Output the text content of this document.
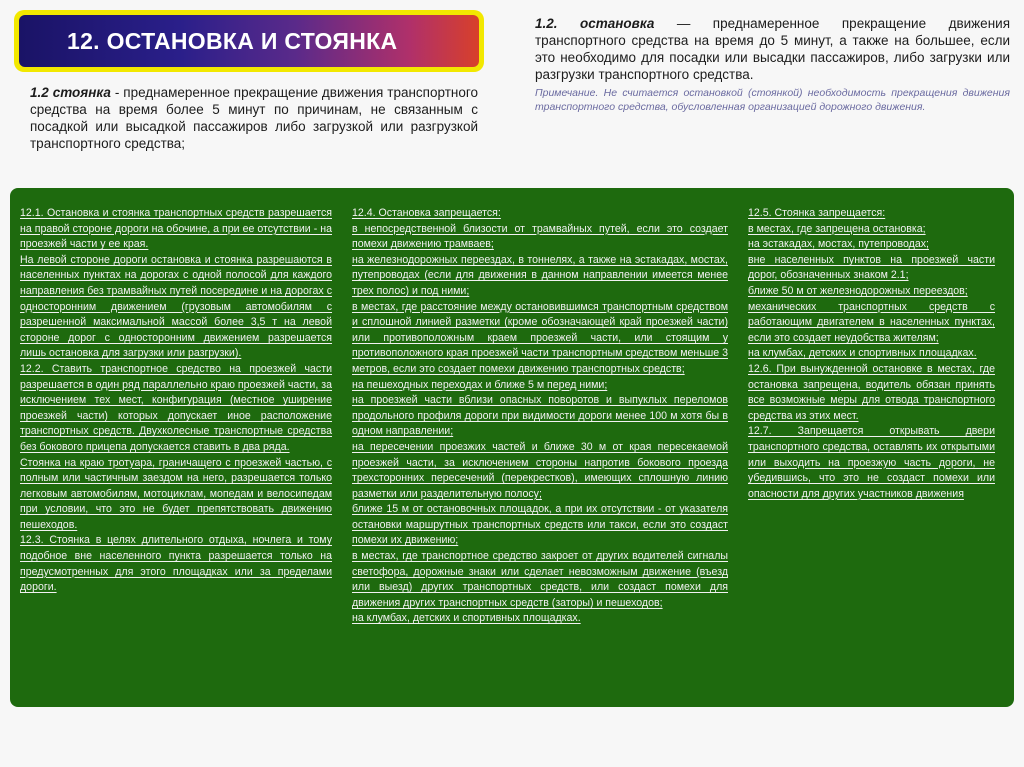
12. ОСТАНОВКА И СТОЯНКА
1.2 стоянка - преднамеренное прекращение движения транспортного средства на время более 5 минут по причинам, не связанным с посадкой или высадкой пассажиров либо загрузкой или разгрузкой транспортного средства;
1.2. остановка — преднамеренное прекращение движения транспортного средства на время до 5 минут, а также на большее, если это необходимо для посадки или высадки пассажиров, либо загрузки или разгрузки транспортного средства.
Примечание. Не считается остановкой (стоянкой) необходимость прекращения движения транспортного средства, обусловленная организацией дорожного движения.

12.1. Остановка и стоянка транспортных средств разрешается на правой стороне дороги на обочине, а при ее отсутствии - на проезжей части у ее края.

На левой стороне дороги остановка и стоянка разрешаются в населенных пунктах на дорогах с одной полосой для каждого направления без трамвайных путей посередине и на дорогах с односторонним движением (грузовым автомобилям с разрешенной максимальной массой более 3,5 т на левой стороне дорог с односторонним движением разрешается лишь остановка для загрузки или разгрузки).

12.2. Ставить транспортное средство на проезжей части разрешается в один ряд параллельно краю проезжей части, за исключением тех мест, конфигурация (местное уширение проезжей части) которых допускает иное расположение транспортных средств. Двухколесные транспортные средства без бокового прицепа допускается ставить в два ряда.

Стоянка на краю тротуара, граничащего с проезжей частью, с полным или частичным заездом на него, разрешается только легковым автомобилям, мотоциклам, мопедам и велосипедам при условии, что это не будет препятствовать движению пешеходов.

12.3. Стоянка в целях длительного отдыха, ночлега и тому подобное вне населенного пункта разрешается только на предусмотренных для этого площадках или за пределами дороги.

12.4. Остановка запрещается:

в непосредственной близости от трамвайных путей, если это создает помехи движению трамваев;

на железнодорожных переездах, в тоннелях, а также на эстакадах, мостах, путепроводах (если для движения в данном направлении имеется менее трех полос) и под ними;

в местах, где расстояние между остановившимся транспортным средством и сплошной линией разметки (кроме обозначающей край проезжей части) или противоположным краем проезжей части, или стоящим у противоположного края проезжей части транспортным средством меньше 3 метров, если это создает помехи движению транспортных средств;

на пешеходных переходах и ближе 5 м перед ними;

на проезжей части вблизи опасных поворотов и выпуклых переломов продольного профиля дороги при видимости дороги менее 100 м хотя бы в одном направлении;

на пересечении проезжих частей и ближе 30 м от края пересекаемой проезжей части, за исключением стороны напротив бокового проезда трехсторонних пересечений (перекрестков), имеющих сплошную линию разметки или разделительную полосу;

ближе 15 м от остановочных площадок, а при их отсутствии - от указателя остановки маршрутных транспортных средств или такси, если это создаст помехи их движению;

в местах, где транспортное средство закроет от других водителей сигналы светофора, дорожные знаки или сделает невозможным движение (въезд или выезд) других транспортных средств, или создаст помехи для движения других транспортных средств (заторы) и пешеходов;

на клумбах, детских и спортивных площадках.

12.5. Стоянка запрещается:

в местах, где запрещена остановка;

на эстакадах, мостах, путепроводах;

вне населенных пунктов на проезжей части дорог, обозначенных знаком 2.1;

ближе 50 м от железнодорожных переездов;

механических транспортных средств с работающим двигателем в населенных пунктах, если это создает неудобства жителям;

на клумбах, детских и спортивных площадках.

12.6. При вынужденной остановке в местах, где остановка запрещена, водитель обязан принять все возможные меры для отвода транспортного средства из этих мест.

12.7. Запрещается открывать двери транспортного средства, оставлять их открытыми или выходить на проезжую часть дороги, не убедившись, что это не создаст помехи или опасности для других участников движения
